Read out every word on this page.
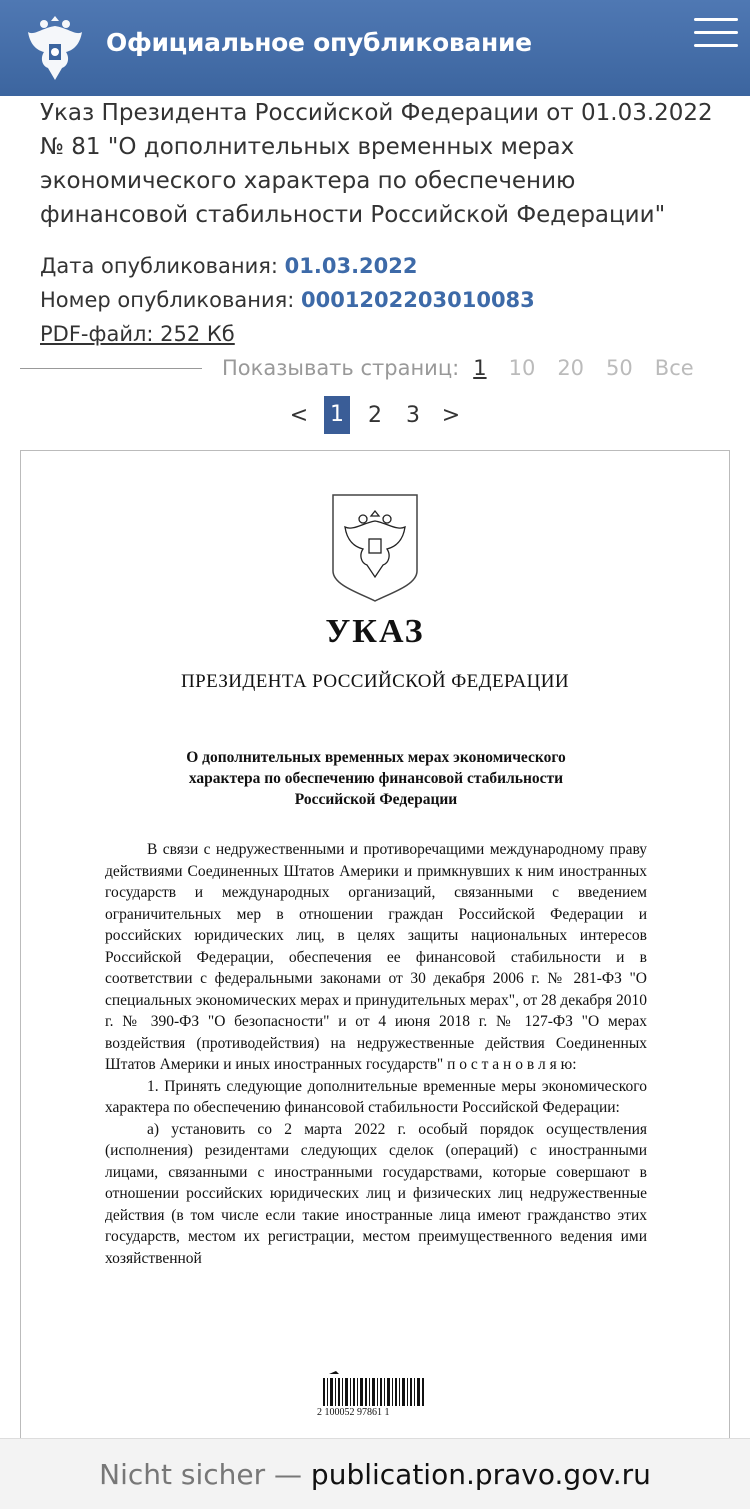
Официальное опубликование
Указ Президента Российской Федерации от 01.03.2022 № 81 "О дополнительных временных мерах экономического характера по обеспечению финансовой стабильности Российской Федерации"
Дата опубликования: 01.03.2022
Номер опубликования: 0001202203010083
PDF-файл: 252 Кб
Показывать страниц: 1 10 20 50 Все
< 1 2 3 >
УКАЗ
ПРЕЗИДЕНТА РОССИЙСКОЙ ФЕДЕРАЦИИ
О дополнительных временных мерах экономического характера по обеспечению финансовой стабильности Российской Федерации

В связи с недружественными и противоречащими международному праву действиями Соединенных Штатов Америки и примкнувших к ним иностранных государств и международных организаций, связанными с введением ограничительных мер в отношении граждан Российской Федерации и российских юридических лиц, в целях защиты национальных интересов Российской Федерации, обеспечения ее финансовой стабильности и в соответствии с федеральными законами от 30 декабря 2006 г. № 281-ФЗ "О специальных экономических мерах и принудительных мерах", от 28 декабря 2010 г. № 390-ФЗ "О безопасности" и от 4 июня 2018 г. № 127-ФЗ "О мерах воздействия (противодействия) на недружественные действия Соединенных Штатов Америки и иных иностранных государств" п о с т а н о в л я ю:

1. Принять следующие дополнительные временные меры экономического характера по обеспечению финансовой стабильности Российской Федерации:

а) установить со 2 марта 2022 г. особый порядок осуществления (исполнения) резидентами следующих сделок (операций) с иностранными лицами, связанными с иностранными государствами, которые совершают в отношении российских юридических лиц и физических лиц недружественные действия (в том числе если такие иностранные лица имеют гражданство этих государств, местом их регистрации, местом преимущественного ведения ими хозяйственной

2 100052 97861 1
Nicht sicher —
publication.pravo.gov.ru
